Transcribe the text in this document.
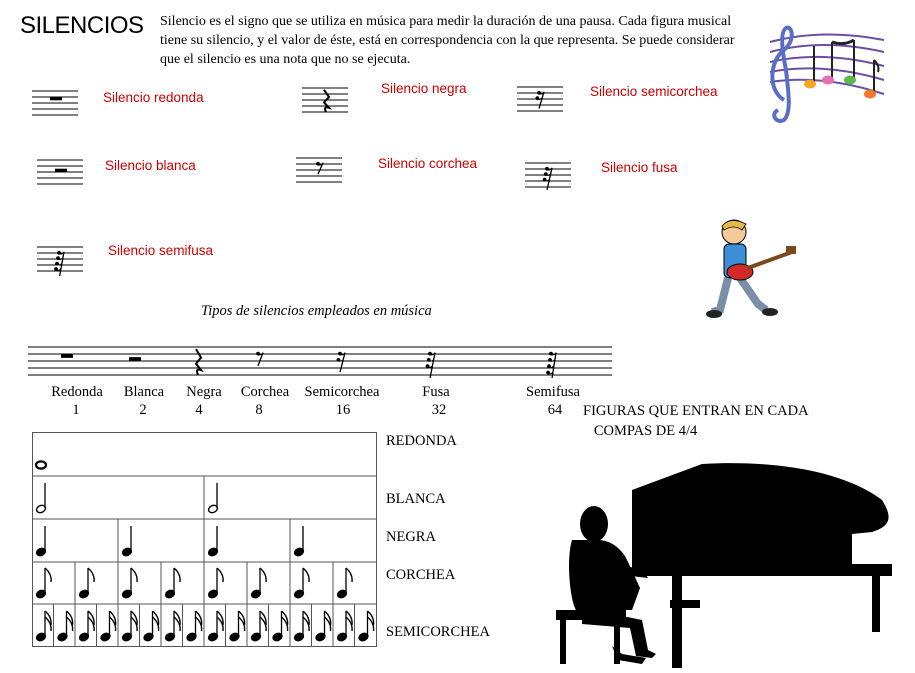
SILENCIOS Silencio es el signo que se utiliza en música para medir la duración de una pausa. Cada figura musical tiene su silencio, y el valor de éste, está en correspondencia con la que representa. Se puede considerar que el silencio es una nota que no se ejecuta.
Silencio redonda
Silencio negra	Silencio semicorchea
Silencio blanca	Silencio corchea	Silencio fusa
Silencio semifusa
Tipos de silencios empleados en música
Redonda	Blanca	Negra	Corchea	Semicorchea	Fusa	Semifusa
1	2	4	8	16	32	64	FIGURAS QUE ENTRAN EN CADA
COMPAS DE 4/4
REDONDA
BLANCA
NEGRA
CORCHEA
SEMICORCHEA
